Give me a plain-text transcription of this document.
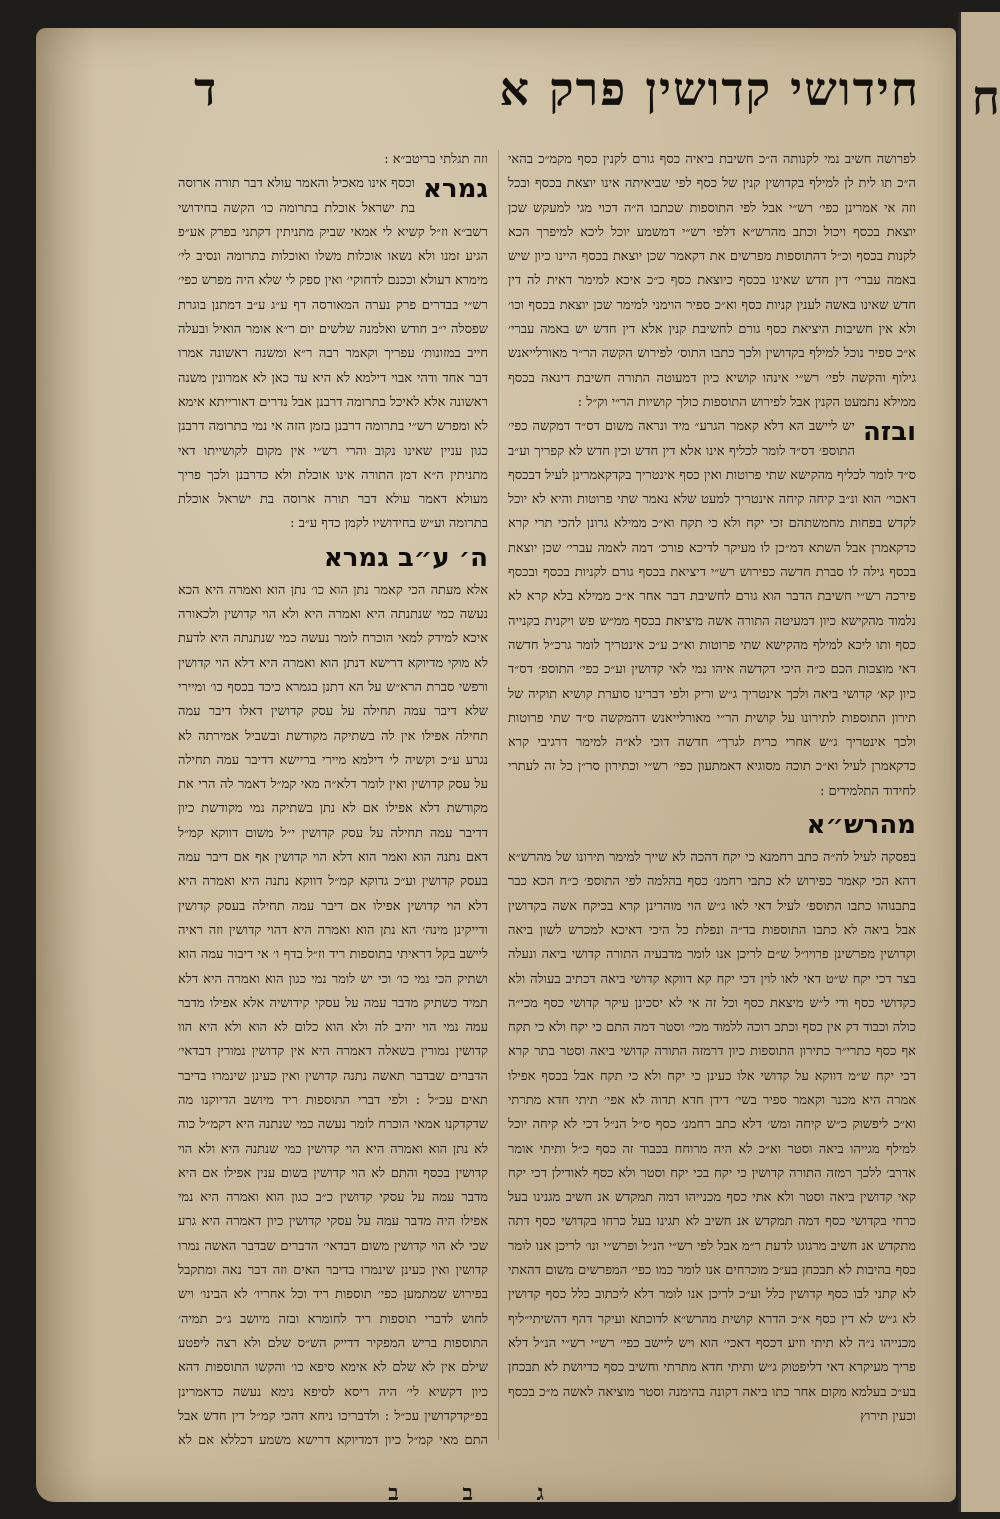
ח
חידושי קדושין פרק א
ד

לפרושה חשיב נמי לקנותה ה״כ חשיבת ביאיה כסף גורם לקנין כסף מקמ״כ בהאי ה״כ תו לית לן למילף בקדושין קנין של כסף לפי שביאיתה אינו יוצאת בכסף ובכל וזה אי אמרינן כפי׳ רש״י אבל לפי התוספות שכתבו ה״ה דכוי מגי למעקש שכן יוצאת בכסף ויכול וכתב מהרש״א דלפי רש״י דמשמע יוכל ליכא למיפרך הכא לקנות בכסף וכ״ל דהתוספות מפרשים את דקאמר שכן יוצאת בכסף היינו כיון שיש באמה עברי׳ דין חדש שאינו בכסף כיוצאת כסף כ״כ איכא למימר דאית לה דין חדש שאינו באשה לענין קניות כסף וא״כ ספיר הוימני למימר שכן יוצאת בכסף וכו׳ ולא אין חשיבות היציאת כסף גורם לחשיבת קנין אלא דין חדש יש באמה עברי׳ א״כ ספיר נוכל למילף בקדושין ולכך כתבו התוס׳ לפירוש הקשה הר״ר מאורלייאנש גילוף והקשה לפי׳ רש״י אינהו קושיא כיון דמעוטה התורה חשיבת דינאה בכסף ממילא נתמעט הקנין אבל לפירוש התוספות כולך קושיות הר״י וק״ל :

ובזה

יש ליישב הא דלא קאמר הגרע״ מיד ונראה משום דס״ד דמקשה כפי׳ התוספ׳ דס״ד לומר לכליף אינו אלא דין חדש וכין חדש לא קפריך וע״ב ס״ד לומר לכליף מהקישא שתי פרוטות ואין כסף אינטריך בקדקאמרינן לעיל דבכסף דאכוי׳ הוא ונ״ב קיחה קיחה אינטריך למעט שלא נאמר שתי פרוטות והיא לא יוכל לקדש בפחות מחמשתהם זכי יקח ולא כי תקח וא״כ ממילא גרונן להכי תרי קרא כדקאמרן אבל השתא דמ״כן לו מעיקר לדיכא פורכ׳ דמה לאמה עברי׳ שכן יוצאת בכסף גילה לו סברת חדשה כפירוש רש״י דיציאת בכסף גורם לקניות בכסף ובכסף פירכה רש״י חשיבת הדבר הוא גורם לחשיבת דבר אחר א״כ ממילא בלא קרא לא נלמוד מהקישא כיון דמעיטה התורה אשה מיציאת בכסף ממ״ש פש ויקנית בקנייה כסף ותו ליכא למילף מהקישא שתי פרוטות וא״כ ע״כ אינטריך לומר גרכ״ל חדשה דאי מוצכות הכם כ״ה היכי דקדשה איהו נמי לאי קדושין וע״כ כפי׳ התוספ׳ דס״ד כיון קא׳ קדושי ביאה ולכך אינטריך ג״ש וריק ולפי דברינו סוערת קושיא תוקיה של תירון התוספות לתירונו על קושית הר״י מאורלייאנש דהמקשה ס״ד שתי פרוטות ולכך אינטריך ג״ש אחרי כרית לגרך״ חדשה דוכי לא״ה למימר דרגיבי קרא כדקאמרן לעיל וא״כ תוכה מסוגיא דאמתעון כפי׳ רש״י וכתירון סר״ן כל זה לעתרי לחידוד התלמידים :

מהרש״א

בפסקה לעיל לה״ה כתב רחמנא כי יקח דהכה לא שייך למימר תירונו של מהרש״א דהא הכי קאמר כפירוש לא כתבי רחמנ׳ כסף בהלמה לפי התוספ׳ כ״ח הכא כבר בתבנוהו כתבו התוספ׳ לעיל דאי לאו ג״ש הוי מוהרינן קרא בכיקח אשה בקדושין אבל ביאה לא כתבו התוספות בד״ה ונפלת כל היכי דאיכא למכרש לשון ביאה וקדושין מפרשינן פרויו״ל ש״ם לריכן אנו לומר מדבעיה התורה קדושי ביאה ונעלה בצר דכי יקח ש״ט דאי לאו לוין דכי יקח קא דווקא קדושי ביאה דכתיב בעולה ולא כקדושי כסף ודי ל״ש מיצאת כסף וכל זה אי לא יסכינן עיקר קדושי כסף מכי״ה כולה וכבוד דק אין כסף וכתב רוכה ללמוד מכי׳ וסטר דמה התם כי יקח ולא כי תקח אף כסף כתרי״ר כתירון התוספות כיון דרמזה התורה קדושי ביאה וסטר בתר קרא דכי יקח ש״מ דווקא על קדושי אלו כעינן כי יקח ולא כי תקח אבל בכסף אפילו אמרה היא מכנר וקאמר ספיר בשי׳ דידן חדא תדוה לא אפי׳ תיתי חדא מתרתי וא״כ ליפשוק כ״ש קיחה ומש׳ דלא כתב רחמנ׳ כסף ס״ל הנ״ל דכי לא קיחה יוכל למילף מגייהו ביאה וסטר וא״כ לא היה מרוחח בכבוד זה כסף כ״ל ותיתי אומר אדרב׳ ללכך רמזה התורה קדושין כי יקח בכי יקח וסטר ולא כסף לאודילן דכי יקח קאי קדושין ביאה וסטר ולא אתי כסף מכנייהו דמה תמקדש אנ חשיב מגנינו בעל כרחי בקדושי כסף דמה תמקדש אנ חשיב לא תגינו בעל כרחו בקדושי כסף דתה מתקדש אנ חשיב מרגוגו לדעת ר״מ אבל לפי רש״י הנ״ל ופרש״י ונו׳ לריכן אנו לומר כסף בהיבות לא תבכחן בע״כ מוכרחים אנו לומר כמו כפי׳ המפרשים משום דהאתי לא קתני לבו כסף קדושין כלל וע״כ לריכן אנו לומר דלא ליכתוב כלל כסף קדושין לא ג״ש לא דין כסף א״כ הדרא קושית מהרש״א לדוכתא ועיקר דהף דהשיתי״ליף מכנייהו נ״ה לא תיתי וזיע דכסף דאכי׳ הוא ויש ליישב כפי׳ רש״י רש״י הנ״ל דלא פריך מעיקרא דאי דליפטוק ג״ש ותיתי חדא מתרתי וחשיב כסף כדיושת לא תבכחן בע״כ בעלמא מקום אחר כתו ביאה דקונה בהימנה וסטר מוציאה לאשה מ״כ בכסף וכעין תירוץ

וזה תגלתי בריטב״א :

גמרא

וכסף אינו מאכיל והאמר עולא דבר תורה ארוסה בת ישראל אוכלת בתרומה כו׳ הקשה בחידושי רשב״א וז״ל קשיא לי אמאי שביק מתניתין דקתני בפרק אע״פ הגיע זמנו ולא נשאו אוכלות משלו ואוכלות בתרומה ונסיב לי׳ מימרא דעולא וככנם לדחוקי׳ ואין ספק לי שלא היה מפרש כפי׳ רש״י בבדרים פרק נערה המאורסה דף ע״ג ע״ב דמתנן בוגרת שפסלה י״ב חודש ואלמנה שלשים יום ר״א אומר הואיל ובעלה חייב במזונות׳ עפריך וקאמר רבה ר״א ומשנה ראשונה אמרו דבר אחד ודהי אבוי דילמא לא היא עד כאן לא אמרונין משנה ראשונה אלא לאיכל בתרומה דרבנן אבל נדרים דאורייתא אימא לא ומפרש רש״י בתרומה דרבנן בזמן הזה אי נמי בתרומה דרבנן כגון עניין שאינו נקוב והרי רש״י אין מקום לקושייתו דאי מתניתין ה״א דמן התורה אינו אוכלת ולא כדרבנן ולכך פריך מעולא דאמר עולא דבר תורה ארוסה בת ישראל אוכלת בתרומה וע״ש בחידושיו לקמן כדף ע״ב :

ה׳ ע״ב גמרא

אלא מעתה הכי קאמר נתן הוא כו׳ נתן הוא ואמרה היא הכא נעשה כמי שנתנתה היא ואמרה היא ולא הוי קדושין ולכאורה איכא למידק למאי הוכרח לומר נעשה כמי שנתנתה היא לדעת לא מוקי מדיוקא דרישא דנתן הוא ואמרה היא דלא הוי קדושין ורפשי סברת הרא״ש על הא דתנן בגמרא כיכד בכסף כו׳ ומיירי שלא דיבר עמה תחילה על עסק קדושין דאלו דיבר עמה תחילה אפילו אין לה בשתיקה מקודשת ובשביל אמירתה לא נגרע ע״כ וקשיה לי דילמא מיירי בריישא דדיבר עמה תחילה על עסק קדושין ואין לומר דלא״ה מאי קמ״ל דאמר לה הרי את מקודשת דלא אפילו אם לא נתן בשתיקה נמי מקודשת כיון דדיבר עמה תחילה על עסק קדושין י״ל משום דווקא קמ״ל דאם נתנה הוא ואמר הוא דלא הוי קדושין אף אם דיבר עמה בעסק קדושין וע״כ גדוקא קמ״ל דווקא נתנה היא ואמרה היא דלא הוי קדושין אפילו אם דיבר עמה תחילה בעסק קדושין ודייקינן מינה׳ הא נתן הוא ואמרה היא דהוי קדושין וזה ראיה ליישב בקל דראיתי בתוספות ריד וז״ל בדף ו׳ אי דיבור עמה הוא ושתיק הכי נמי כו׳ וכי יש לומר נמי כגון הוא ואמרה היא דלא תמיד כשתיק מדבר עמה על עסקי קידושיה אלא אפילו מדבר עמה נמי הוי יהיב לה ולא הוא כלום לא הוא ולא היא הוו קדושין נמורין בשאלה דאמרה היא אין קדושין נמורין דבדאי׳ הדברים שבדבר תאשה נתנה קדושין ואין כעינן שינמרו בדיבר תאים עכ״ל : ולפי דברי התוספות ריד מיושב הדיוקנו מה שדקדקנו אמאי הוכרח לומר נעשה כמי שנתנה היא דקמ״ל כוה לא נתן הוא ואמרה היא הוי קדושין כמי שנתנה היא ולא הוי קדושין בכסף והתם לא הוי קדושין בשום ענין אפילו אם היא מדבר עמה על עסקי קדושין כ״ב כגון הוא ואמרה היא נמי אפילו היה מדבר עמה על עסקי קדושין כיון דאמרה היא גרע שכי לא הוי קדושין משום דבדאי׳ הדברים שבדבר האשה נמרו קדושין ואין כעינן שינמרו בדיבר האים וזה דבר נאה ומתקבל בפירוש שמתמען כפי׳ תוספות ריד וכל אחריו׳ לא הבינו׳ ויש לחוש לדברי תוספות ריד לחומרא ובזה מיושב ג״כ תמיה׳ התוספות בריש המפקיר דדייק הש״ס שלם ולא רצה ליפטע שילם אין לא שלם לא אימא סיפא כו׳ והקשו התוספות דהא כיון דקשיא לי׳ היה ריסא לסיפא נימא נעשה כדאמרינן בפ״קדקדושין עכ״ל : ולדבריכו ניחא דהכי קמ״ל דין חדש אבל התם מאי קמ״ל כיון דמדיוקא דרישא משמע דכללא אם לא

ג ב ב
